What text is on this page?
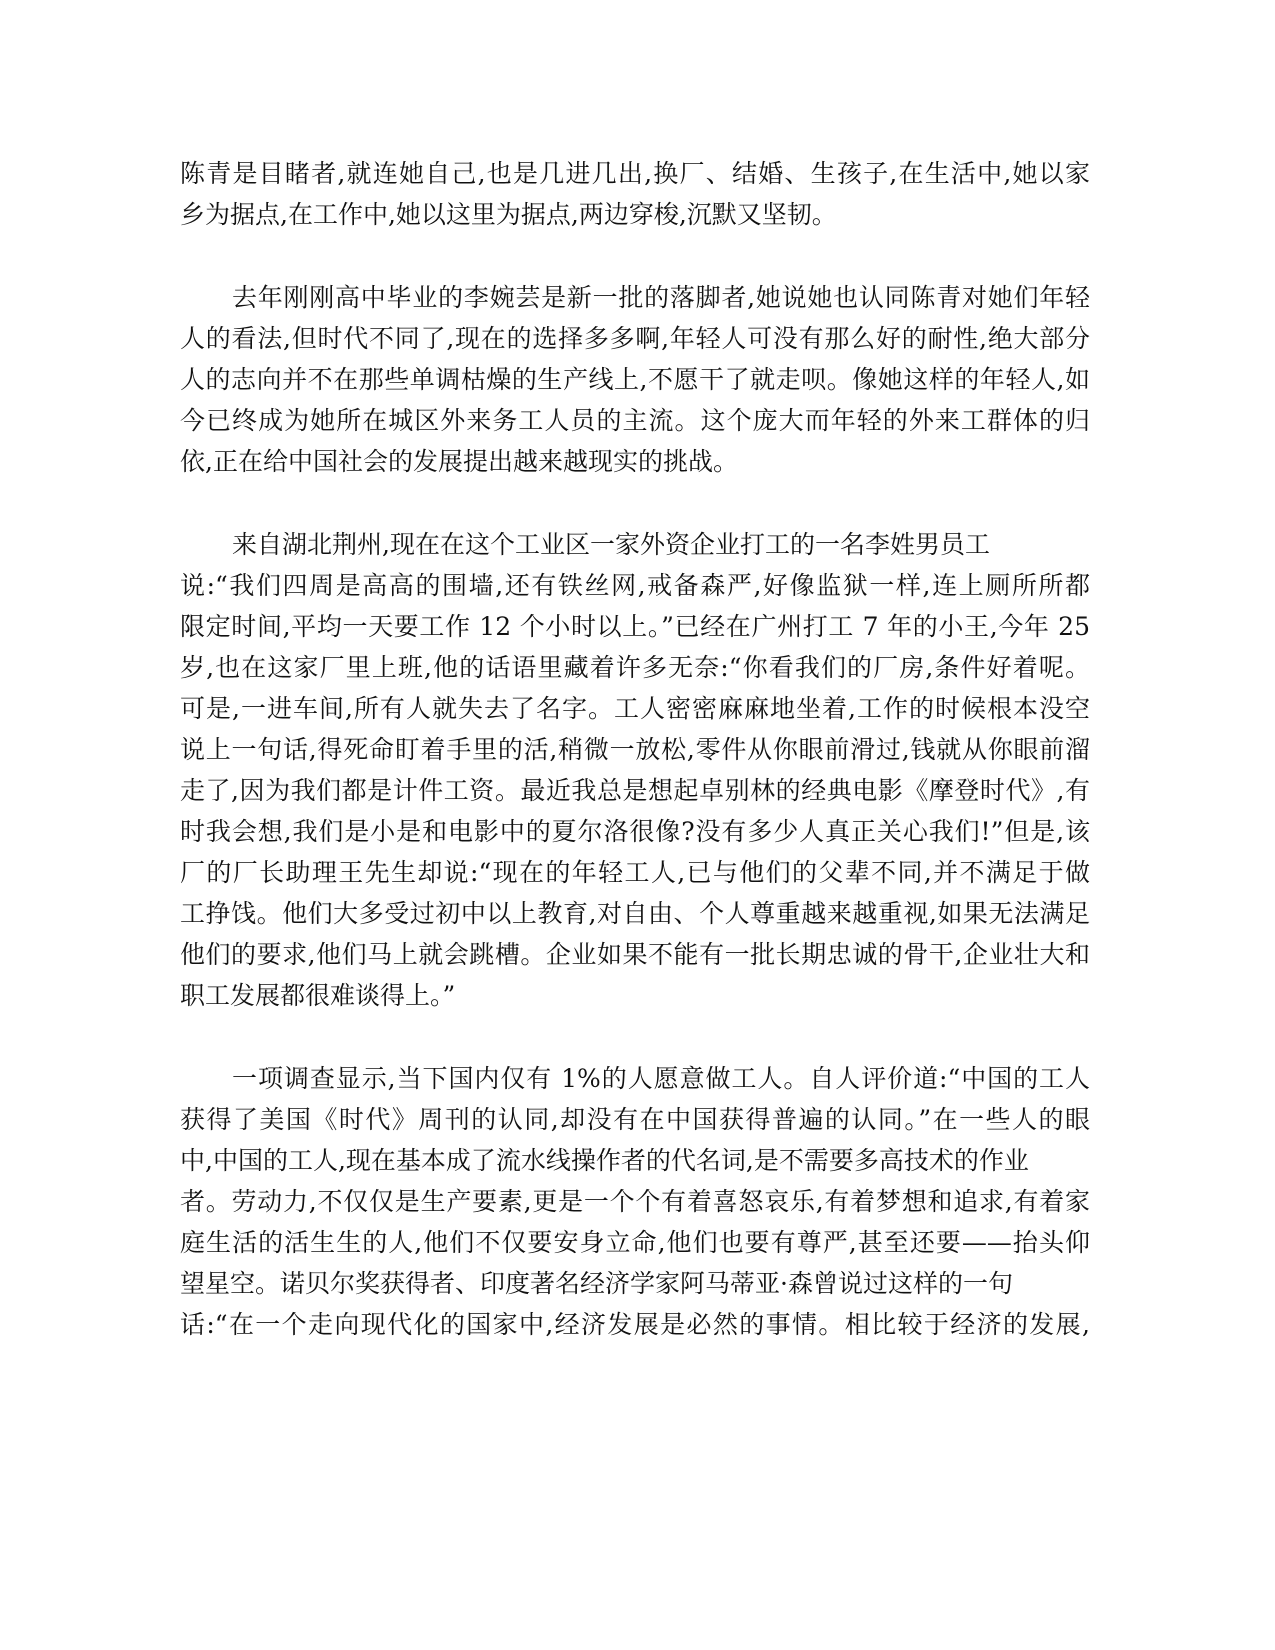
陈青是目睹者,就连她自己,也是几进几出,换厂、结婚、生孩子,在生活中,她以家
乡为据点,在工作中,她以这里为据点,两边穿梭,沉默又坚韧。
去年刚刚高中毕业的李婉芸是新一批的落脚者,她说她也认同陈青对她们年轻
人的看法,但时代不同了,现在的选择多多啊,年轻人可没有那么好的耐性,绝大部分
人的志向并不在那些单调枯燥的生产线上,不愿干了就走呗。像她这样的年轻人,如
今已终成为她所在城区外来务工人员的主流。这个庞大而年轻的外来工群体的归
依,正在给中国社会的发展提出越来越现实的挑战。
来自湖北荆州,现在在这个工业区一家外资企业打工的一名李姓男员工
说:“我们四周是高高的围墙,还有铁丝网,戒备森严,好像监狱一样,连上厕所所都
限定时间,平均一天要工作 12 个小时以上。”已经在广州打工 7 年的小王,今年 25
岁,也在这家厂里上班,他的话语里藏着许多无奈:“你看我们的厂房,条件好着呢。
可是,一进车间,所有人就失去了名字。工人密密麻麻地坐着,工作的时候根本没空
说上一句话,得死命盯着手里的活,稍微一放松,零件从你眼前滑过,钱就从你眼前溜
走了,因为我们都是计件工资。最近我总是想起卓别林的经典电影《摩登时代》,有
时我会想,我们是小是和电影中的夏尔洛很像?没有多少人真正关心我们!”但是,该
厂的厂长助理王先生却说:“现在的年轻工人,已与他们的父辈不同,并不满足于做
工挣饯。他们大多受过初中以上教育,对自由、个人尊重越来越重视,如果无法满足
他们的要求,他们马上就会跳槽。企业如果不能有一批长期忠诚的骨干,企业壮大和
职工发展都很难谈得上。”
一项调查显示,当下国内仅有 1%的人愿意做工人。自人评价道:“中国的工人
获得了美国《时代》周刊的认同,却没有在中国获得普遍的认同。”在一些人的眼
中,中国的工人,现在基本成了流水线操作者的代名词,是不需要多高技术的作业
者。劳动力,不仅仅是生产要素,更是一个个有着喜怒哀乐,有着梦想和追求,有着家
庭生活的活生生的人,他们不仅要安身立命,他们也要有尊严,甚至还要——抬头仰
望星空。诺贝尔奖获得者、印度著名经济学家阿马蒂亚·森曾说过这样的一句
话:“在一个走向现代化的国家中,经济发展是必然的事情。相比较于经济的发展,
